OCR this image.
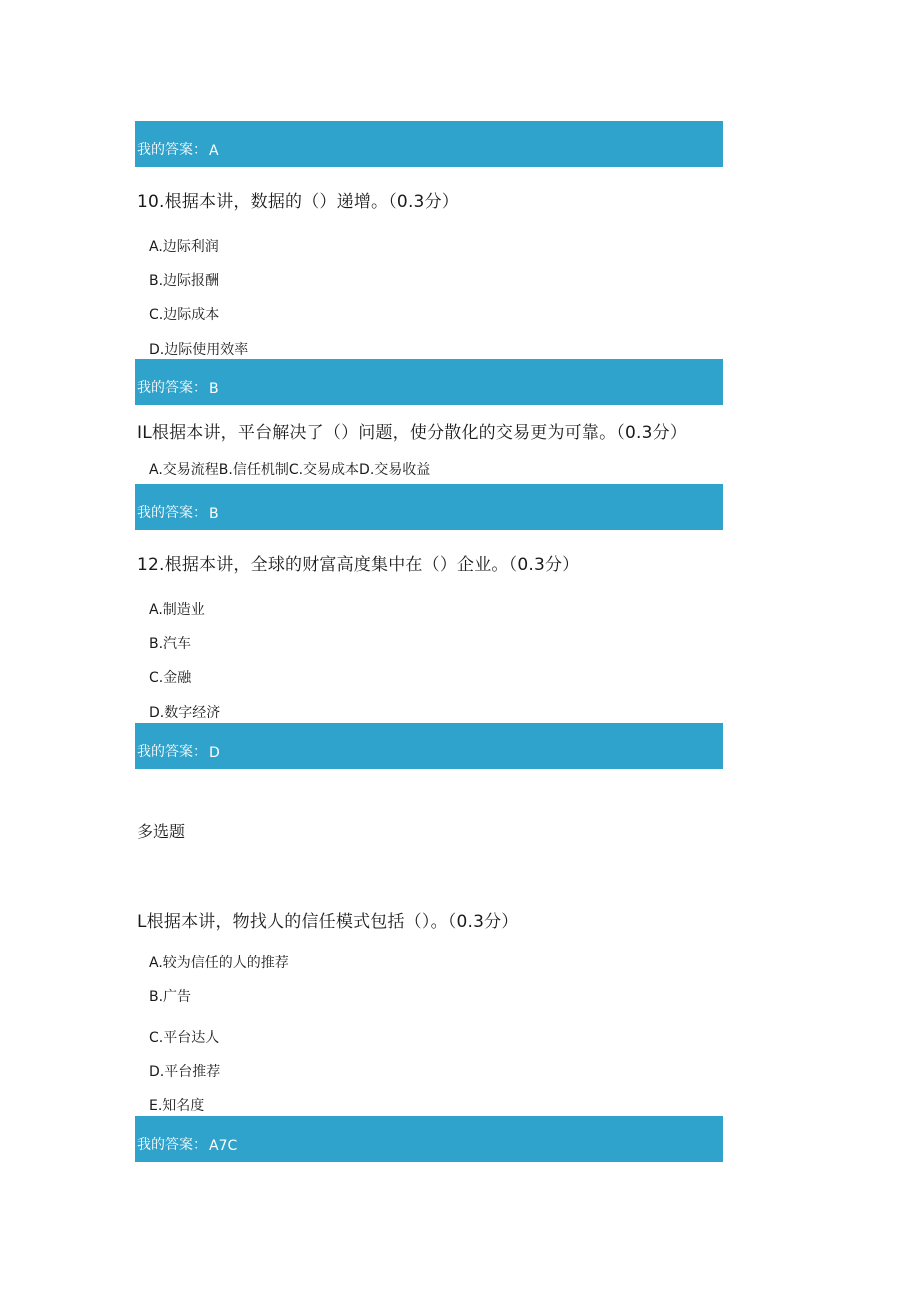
我的答案： A
10.根据本讲，数据的（）递增。（0.3分）
A.边际利润
B.边际报酬
C.边际成本
D.边际使用效率
我的答案： B
IL根据本讲，平台解决了（）问题，使分散化的交易更为可靠。（0.3分）
A.交易流程B.信任机制C.交易成本D.交易收益
我的答案： B
12.根据本讲，全球的财富高度集中在（）企业。（0.3分）
A.制造业
B.汽车
C.金融
D.数字经济
我的答案： D
多选题
L根据本讲，物找人的信任模式包括（）。（0.3分）
A.较为信任的人的推荐
B.广告
C.平台达人
D.平台推荐
E.知名度
我的答案： A7C
